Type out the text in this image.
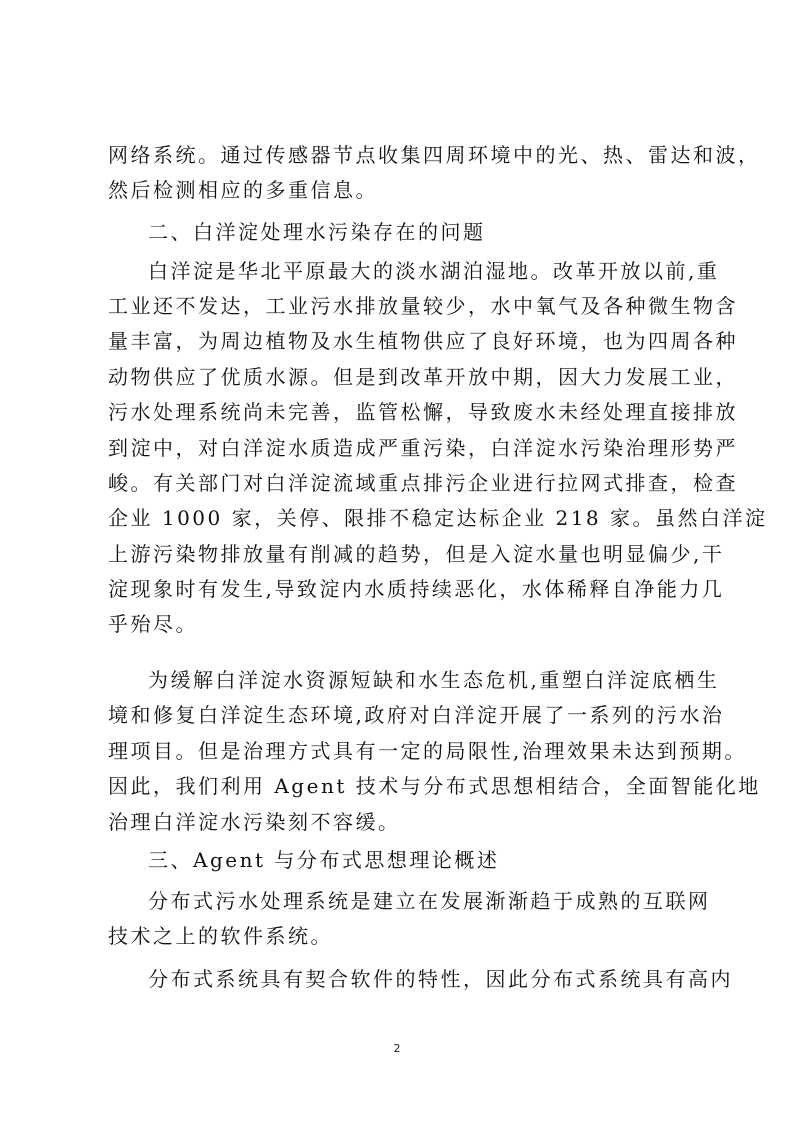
网络系统。通过传感器节点收集四周环境中的光、热、雷达和波，
然后检测相应的多重信息。
二、白洋淀处理水污染存在的问题
白洋淀是华北平原最大的淡水湖泊湿地。改革开放以前,重
工业还不发达，工业污水排放量较少，水中氧气及各种微生物含
量丰富，为周边植物及水生植物供应了良好环境，也为四周各种
动物供应了优质水源。但是到改革开放中期，因大力发展工业，
污水处理系统尚未完善，监管松懈，导致废水未经处理直接排放
到淀中，对白洋淀水质造成严重污染，白洋淀水污染治理形势严
峻。有关部门对白洋淀流域重点排污企业进行拉网式排查，检查
企业 1000 家，关停、限排不稳定达标企业 218 家。虽然白洋淀
上游污染物排放量有削减的趋势，但是入淀水量也明显偏少,干
淀现象时有发生,导致淀内水质持续恶化，水体稀释自净能力几
乎殆尽。
为缓解白洋淀水资源短缺和水生态危机,重塑白洋淀底栖生
境和修复白洋淀生态环境,政府对白洋淀开展了一系列的污水治
理项目。但是治理方式具有一定的局限性,治理效果未达到预期。
因此，我们利用 Agent 技术与分布式思想相结合，全面智能化地
治理白洋淀水污染刻不容缓。
三、Agent 与分布式思想理论概述
分布式污水处理系统是建立在发展渐渐趋于成熟的互联网
技术之上的软件系统。
分布式系统具有契合软件的特性，因此分布式系统具有高内
2
